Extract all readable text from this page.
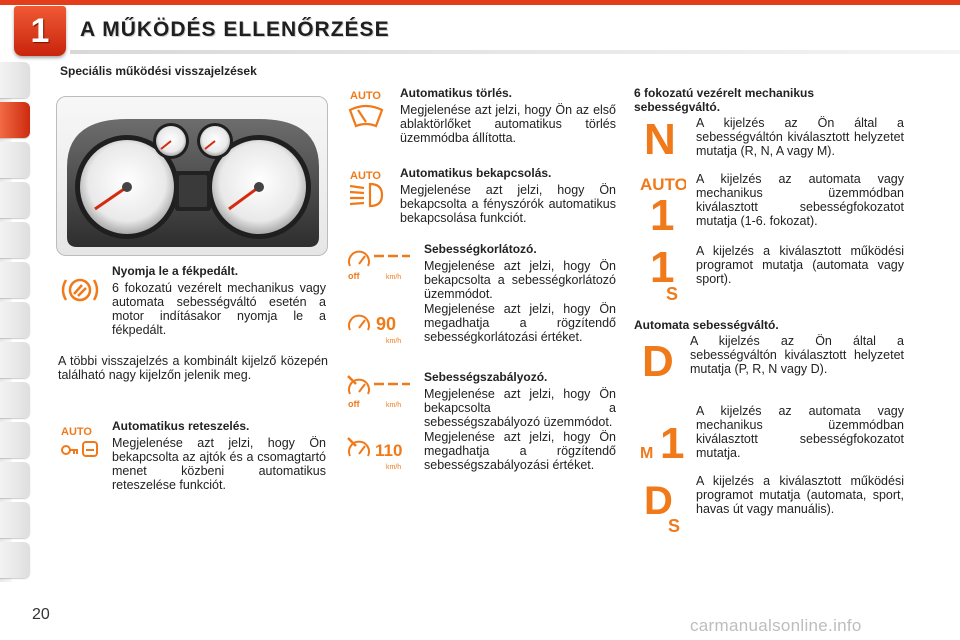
1 A MŰKÖDÉS ELLENŐRZÉSE
Speciális működési visszajelzések
Nyomja le a fékpedált.
6 fokozatú vezérelt mechanikus vagy automata sebességváltó esetén a motor indításakor nyomja le a fékpedált.
A többi visszajelzés a kombinált kijelző közepén található nagy kijelzőn jelenik meg.
AUTO Automatikus reteszelés.
Megjelenése azt jelzi, hogy Ön bekapcsolta az ajtók és a csomagtartó menet közbeni automatikus reteszelése funkciót.
AUTO Automatikus törlés.
Megjelenése azt jelzi, hogy Ön az első ablaktörlőket automatikus törlés üzemmódba állította.
AUTO Automatikus bekapcsolás.
Megjelenése azt jelzi, hogy Ön bekapcsolta a fényszórók automatikus bekapcsolása funkciót.
off	km/h
90
km/h
Sebességkorlátozó.
Megjelenése azt jelzi, hogy Ön bekapcsolta a sebességkorlátozó üzemmódot.
Megjelenése azt jelzi, hogy Ön megadhatja a rögzítendő sebességkorlátozási értéket.
off	km/h
110
km/h
Sebességszabályozó.
Megjelenése azt jelzi, hogy Ön bekapcsolta a sebességszabályozó üzemmódot.
Megjelenése azt jelzi, hogy Ön megadhatja a rögzítendő sebességszabályozási értéket.
6 fokozatú vezérelt mechanikus sebességváltó.
N A kijelzés az Ön által a sebességváltón kiválasztott helyzetet mutatja (R, N, A vagy M).
AUTO
1
A kijelzés az automata vagy mechanikus üzemmódban kiválasztott sebességfokozatot mutatja (1-6. fokozat).
1
S
A kijelzés a kiválasztott működési programot mutatja (automata vagy sport).
Automata sebességváltó.
D A kijelzés az Ön által a sebességváltón kiválasztott helyzetet mutatja (P, R, N vagy D).
M 1
A kijelzés az automata vagy mechanikus üzemmódban kiválasztott sebességfokozatot mutatja.
D
S
A kijelzés a kiválasztott működési programot mutatja (automata, sport, havas út vagy manuális).
20
carmanualsonline.info
